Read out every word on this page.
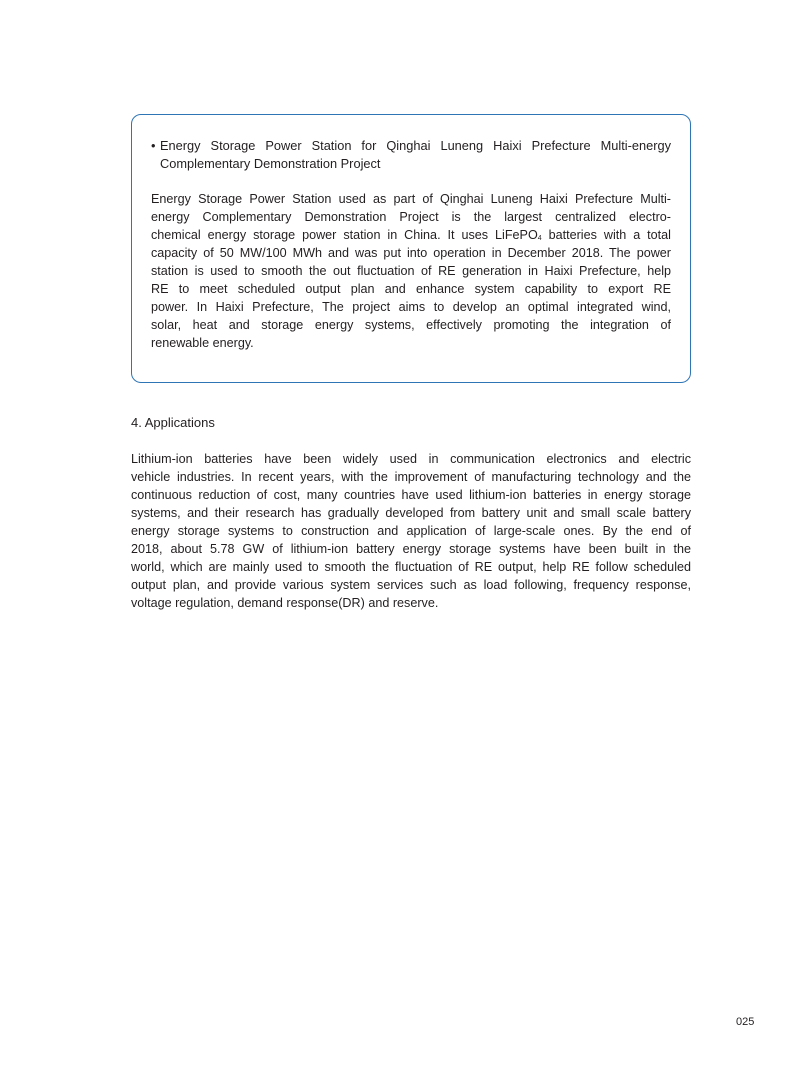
• Energy Storage Power Station for Qinghai Luneng Haixi Prefecture Multi-energy
Complementary Demonstration Project
Energy Storage Power Station used as part of Qinghai Luneng Haixi Prefecture Multi-
energy Complementary Demonstration Project is the largest centralized electro-
chemical energy storage power station in China. It uses LiFePO$_4$ batteries with a total
capacity of 50 MW/100 MWh and was put into operation in December 2018. The power
station is used to smooth the out fluctuation of RE generation in Haixi Prefecture, help
RE to meet scheduled output plan and enhance system capability to export RE
power. In Haixi Prefecture, The project aims to develop an optimal integrated wind,
solar, heat and storage energy systems, effectively promoting the integration of
renewable energy.
4. Applications
Lithium-ion batteries have been widely used in communication electronics and electric
vehicle industries. In recent years, with the improvement of manufacturing technology and the
continuous reduction of cost, many countries have used lithium-ion batteries in energy storage
systems, and their research has gradually developed from battery unit and small scale battery
energy storage systems to construction and application of large-scale ones. By the end of
2018, about 5.78 GW of lithium-ion battery energy storage systems have been built in the
world, which are mainly used to smooth the fluctuation of RE output, help RE follow scheduled
output plan, and provide various system services such as load following, frequency response,
voltage regulation, demand response(DR) and reserve.
025
